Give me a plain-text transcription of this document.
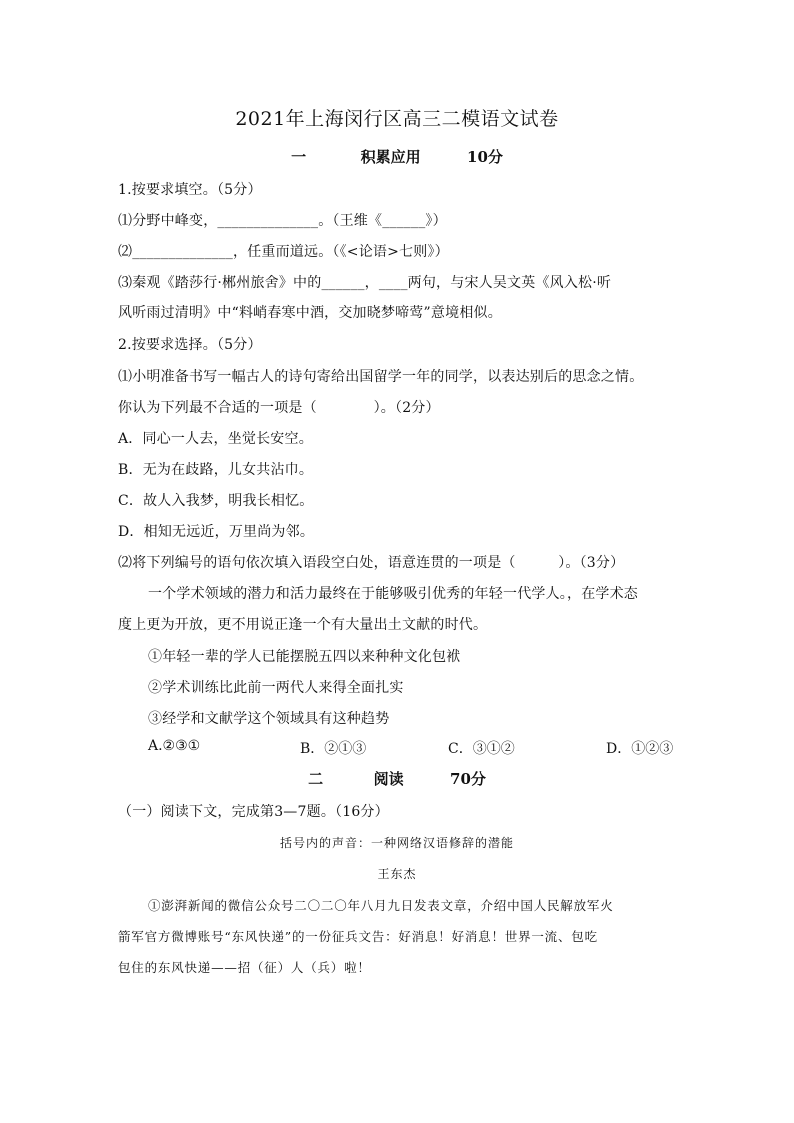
2021年上海闵行区高三二模语文试卷
一	积累应用	10分
1.按要求填空。（5分）
⑴分野中峰变，______________。（王维《______》）
⑵______________，任重而道远。（《<论语>七则》）
⑶秦观《踏莎行·郴州旅舍》中的______，____两句，与宋人吴文英《风入松·听
风听雨过清明》中“料峭春寒中酒，交加晓梦啼莺”意境相似。
2.按要求选择。（5分）
⑴小明准备书写一幅古人的诗句寄给出国留学一年的同学，以表达别后的思念之情。
你认为下列最不合适的一项是（　　　　）。（2分）
A．同心一人去，坐觉长安空。
B．无为在歧路，儿女共沾巾。
C．故人入我梦，明我长相忆。
D．相知无远近，万里尚为邻。
⑵将下列编号的语句依次填入语段空白处，语意连贯的一项是（　　　）。（3分）
一个学术领域的潜力和活力最终在于能够吸引优秀的年轻一代学人。，在学术态
度上更为开放，更不用说正逢一个有大量出土文献的时代。
①年轻一辈的学人已能摆脱五四以来种种文化包袱
②学术训练比此前一两代人来得全面扎实
③经学和文献学这个领域具有这种趋势
A.②③①	B．②①③	C．③①②	D．①②③
二	阅读	70分
（一）阅读下文，完成第3—7题。（16分）
括号内的声音：一种网络汉语修辞的潜能
王东杰
①澎湃新闻的微信公众号二〇二〇年八月九日发表文章，介绍中国人民解放军火
箭军官方微博账号“东风快递”的一份征兵文告：好消息！好消息！世界一流、包吃
包住的东风快递——招（征）人（兵）啦！
